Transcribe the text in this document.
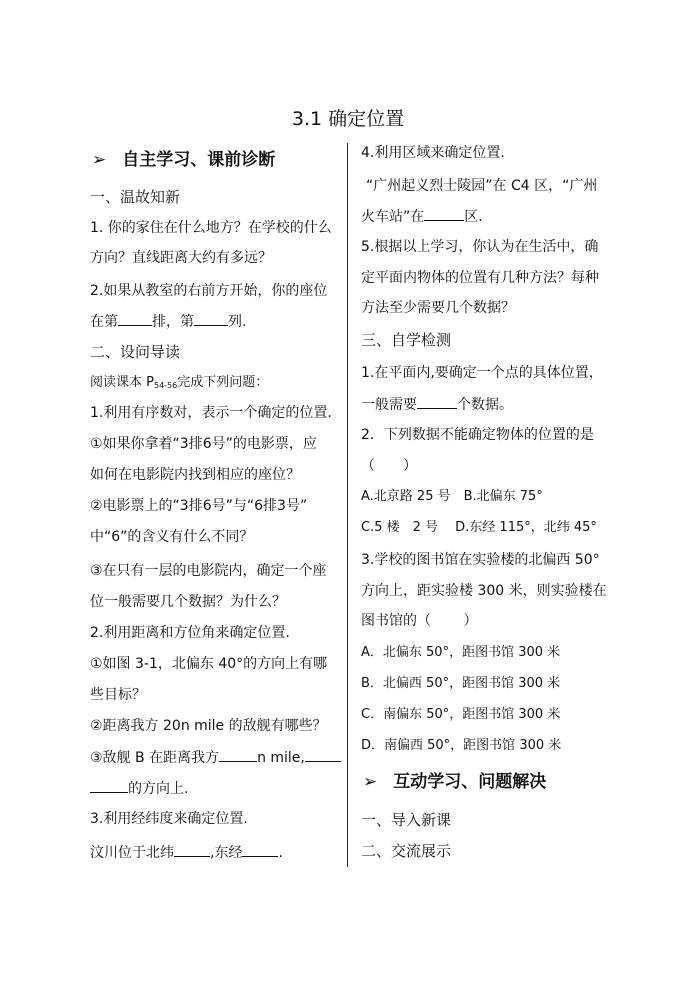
3.1 确定位置
➢ 自主学习、课前诊断
一、温故知新
1. 你的家住在什么地方？在学校的什么
方向？直线距离大约有多远？
2.如果从教室的右前方开始，你的座位
在第 排，第 列.
二、设问导读
阅读课本 $P_{54-56}$完成下列问题：
1.利用有序数对，表示一个确定的位置.
①如果你拿着“3排6号”的电影票，应
如何在电影院内找到相应的座位？
②电影票上的“3排6号”与“6排3号”
中“6”的含义有什么不同？
③在只有一层的电影院内，确定一个座
位一般需要几个数据？为什么？
2.利用距离和方位角来确定位置.
①如图 3-1，北偏东 40°的方向上有哪
些目标？
②距离我方 20n mile 的敌舰有哪些？
③敌舰 B 在距离我方	n mile,
的方向上.
3.利用经纬度来确定位置.
汶川位于北纬	,东经	.
4.利用区域来确定位置.
“广州起义烈士陵园”在 C4 区，“广州
火车站”在	区.
5.根据以上学习，你认为在生活中，确
定平面内物体的位置有几种方法？每种
方法至少需要几个数据？
三、自学检测
1.在平面内,要确定一个点的具体位置，
一般需要	个数据。
2．下列数据不能确定物体的位置的是
（　　）
A.北京路 25 号　B.北偏东 75°
C.5 楼　2 号　 D.东经 115°，北纬 45°
3.学校的图书馆在实验楼的北偏西 50°
方向上，距实验楼 300 米，则实验楼在
图书馆的（　　 ）
A．北偏东 50°，距图书馆 300 米
B．北偏西 50°，距图书馆 300 米
C．南偏东 50°，距图书馆 300 米
D．南偏西 50°，距图书馆 300 米
➢ 互动学习、问题解决
一、导入新课
二、交流展示
